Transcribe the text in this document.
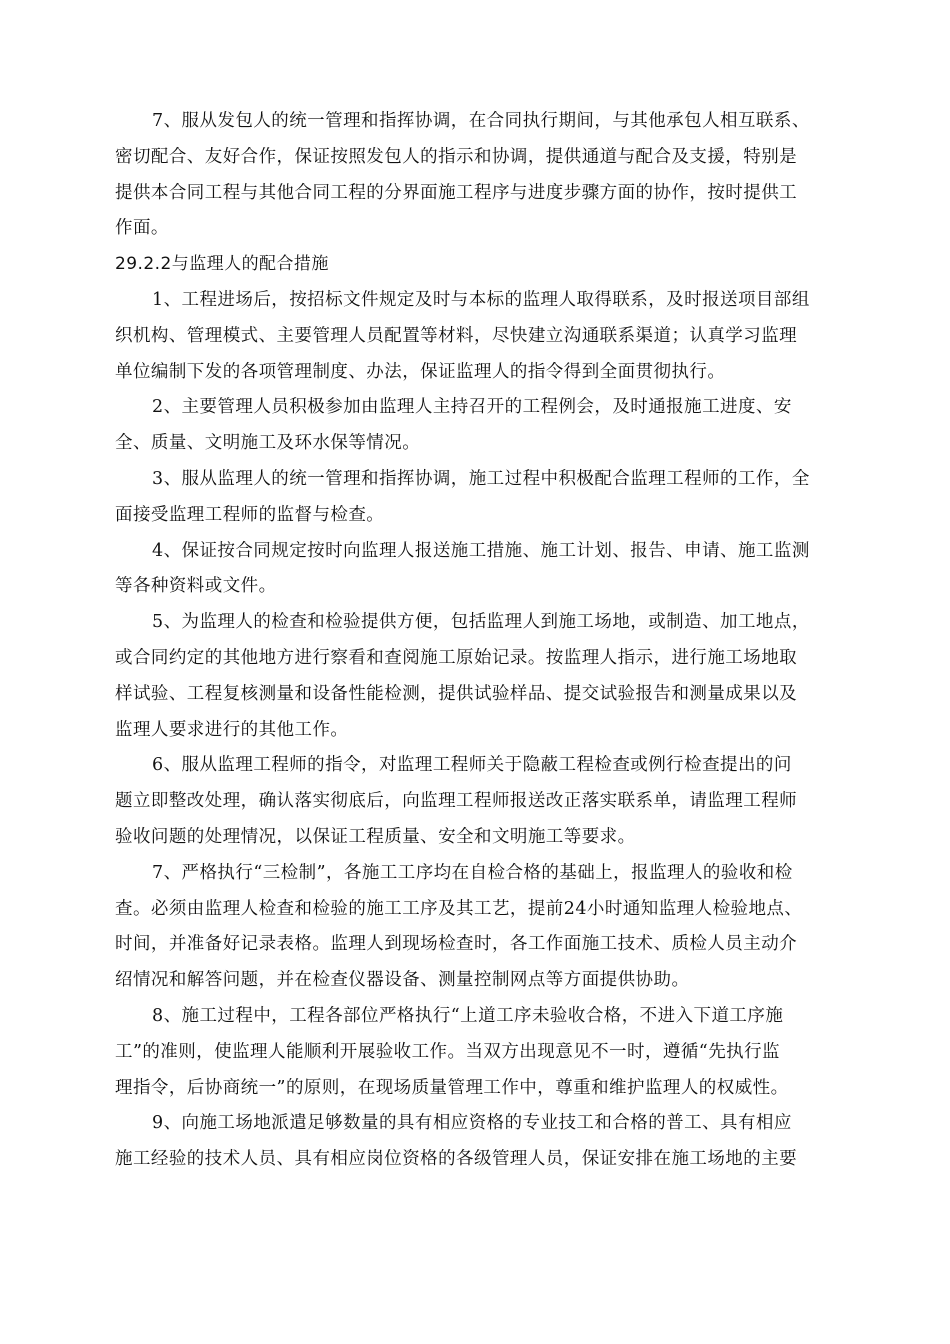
7、服从发包人的统一管理和指挥协调，在合同执行期间，与其他承包人相互联系、
密切配合、友好合作，保证按照发包人的指示和协调，提供通道与配合及支援，特别是
提供本合同工程与其他合同工程的分界面施工程序与进度步骤方面的协作，按时提供工
作面。
29.2.2与监理人的配合措施
1、工程进场后，按招标文件规定及时与本标的监理人取得联系，及时报送项目部组
织机构、管理模式、主要管理人员配置等材料，尽快建立沟通联系渠道；认真学习监理
单位编制下发的各项管理制度、办法，保证监理人的指令得到全面贯彻执行。
2、主要管理人员积极参加由监理人主持召开的工程例会，及时通报施工进度、安
全、质量、文明施工及环水保等情况。
3、服从监理人的统一管理和指挥协调，施工过程中积极配合监理工程师的工作，全
面接受监理工程师的监督与检查。
4、保证按合同规定按时向监理人报送施工措施、施工计划、报告、申请、施工监测
等各种资料或文件。
5、为监理人的检查和检验提供方便，包括监理人到施工场地，或制造、加工地点，
或合同约定的其他地方进行察看和查阅施工原始记录。按监理人指示，进行施工场地取
样试验、工程复核测量和设备性能检测，提供试验样品、提交试验报告和测量成果以及
监理人要求进行的其他工作。
6、服从监理工程师的指令，对监理工程师关于隐蔽工程检查或例行检查提出的问
题立即整改处理，确认落实彻底后，向监理工程师报送改正落实联系单，请监理工程师
验收问题的处理情况，以保证工程质量、安全和文明施工等要求。
7、严格执行“三检制”，各施工工序均在自检合格的基础上，报监理人的验收和检
查。必须由监理人检查和检验的施工工序及其工艺，提前24小时通知监理人检验地点、
时间，并准备好记录表格。监理人到现场检查时，各工作面施工技术、质检人员主动介
绍情况和解答问题，并在检查仪器设备、测量控制网点等方面提供协助。
8、施工过程中，工程各部位严格执行“上道工序未验收合格，不进入下道工序施
工”的准则，使监理人能顺利开展验收工作。当双方出现意见不一时，遵循“先执行监
理指令，后协商统一”的原则，在现场质量管理工作中，尊重和维护监理人的权威性。
9、向施工场地派遣足够数量的具有相应资格的专业技工和合格的普工、具有相应
施工经验的技术人员、具有相应岗位资格的各级管理人员，保证安排在施工场地的主要
